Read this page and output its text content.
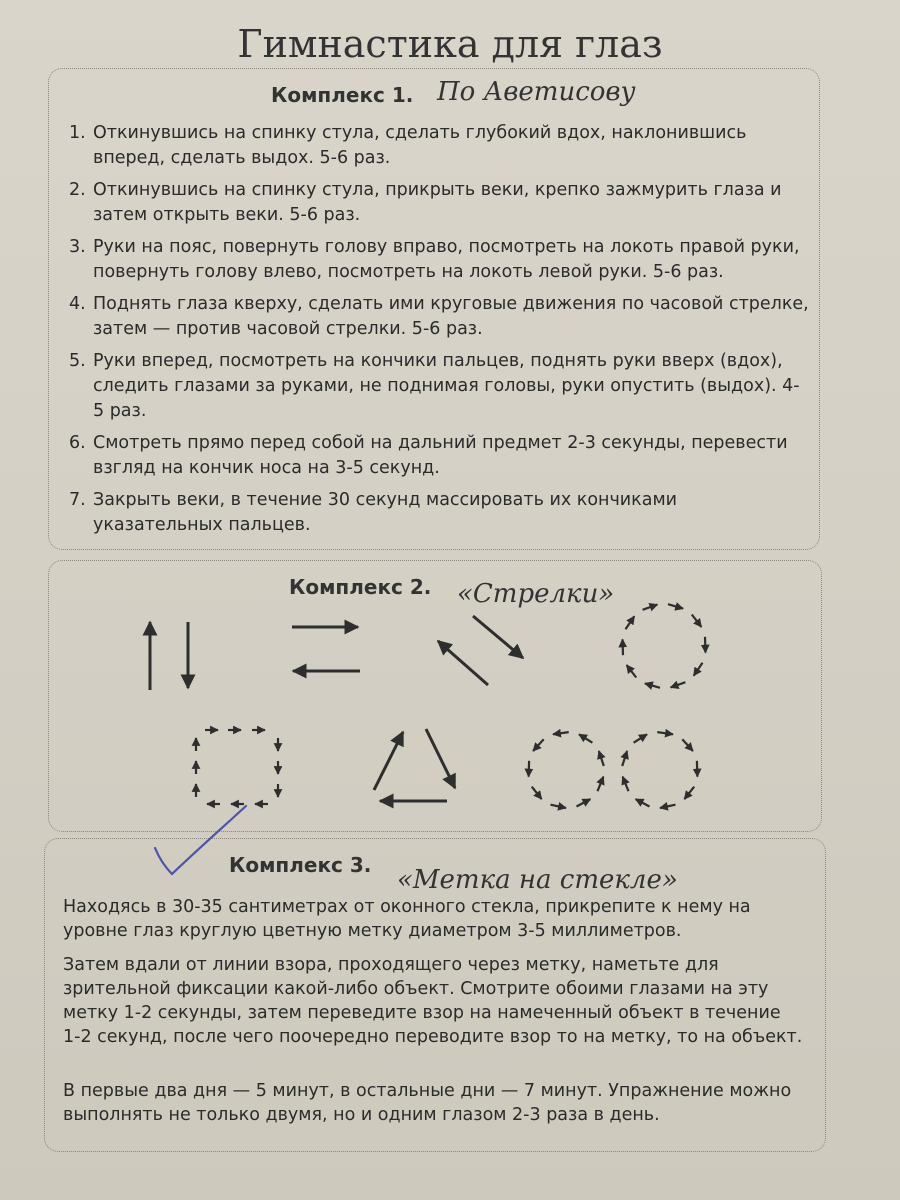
Гимнастика для глаз
Комплекс 1. По Аветисову
1. Откинувшись на спинку стула, сделать глубокий вдох, наклонившись вперед, сделать выдох. 5-6 раз.
2. Откинувшись на спинку стула, прикрыть веки, крепко зажмурить глаза и затем открыть веки. 5-6 раз.
3. Руки на пояс, повернуть голову вправо, посмотреть на локоть правой руки, повернуть голову влево, посмотреть на локоть левой руки. 5-6 раз.
4. Поднять глаза кверху, сделать ими круговые движения по часовой стрелке, затем — против часовой стрелки. 5-6 раз.
5. Руки вперед, посмотреть на кончики пальцев, поднять руки вверх (вдох), следить глазами за руками, не поднимая головы, руки опустить (выдох). 4-5 раз.
6. Смотреть прямо перед собой на дальний предмет 2-3 секунды, перевести взгляд на кончик носа на 3-5 секунд.
7. Закрыть веки, в течение 30 секунд массировать их кончиками указательных пальцев.
Комплекс 2. «Стрелки»
Комплекс 3. «Метка на стекле»

Находясь в 30-35 сантиметрах от оконного стекла, прикрепите к нему на уровне глаз круглую цветную метку диаметром 3-5 миллиметров.

Затем вдали от линии взора, проходящего через метку, наметьте для зрительной фиксации какой-либо объект. Смотрите обоими глазами на эту метку 1-2 секунды, затем переведите взор на намеченный объект в течение 1-2 секунд, после чего поочередно переводите взор то на метку, то на объект.

В первые два дня — 5 минут, в остальные дни — 7 минут. Упражнение можно выполнять не только двумя, но и одним глазом 2-3 раза в день.
